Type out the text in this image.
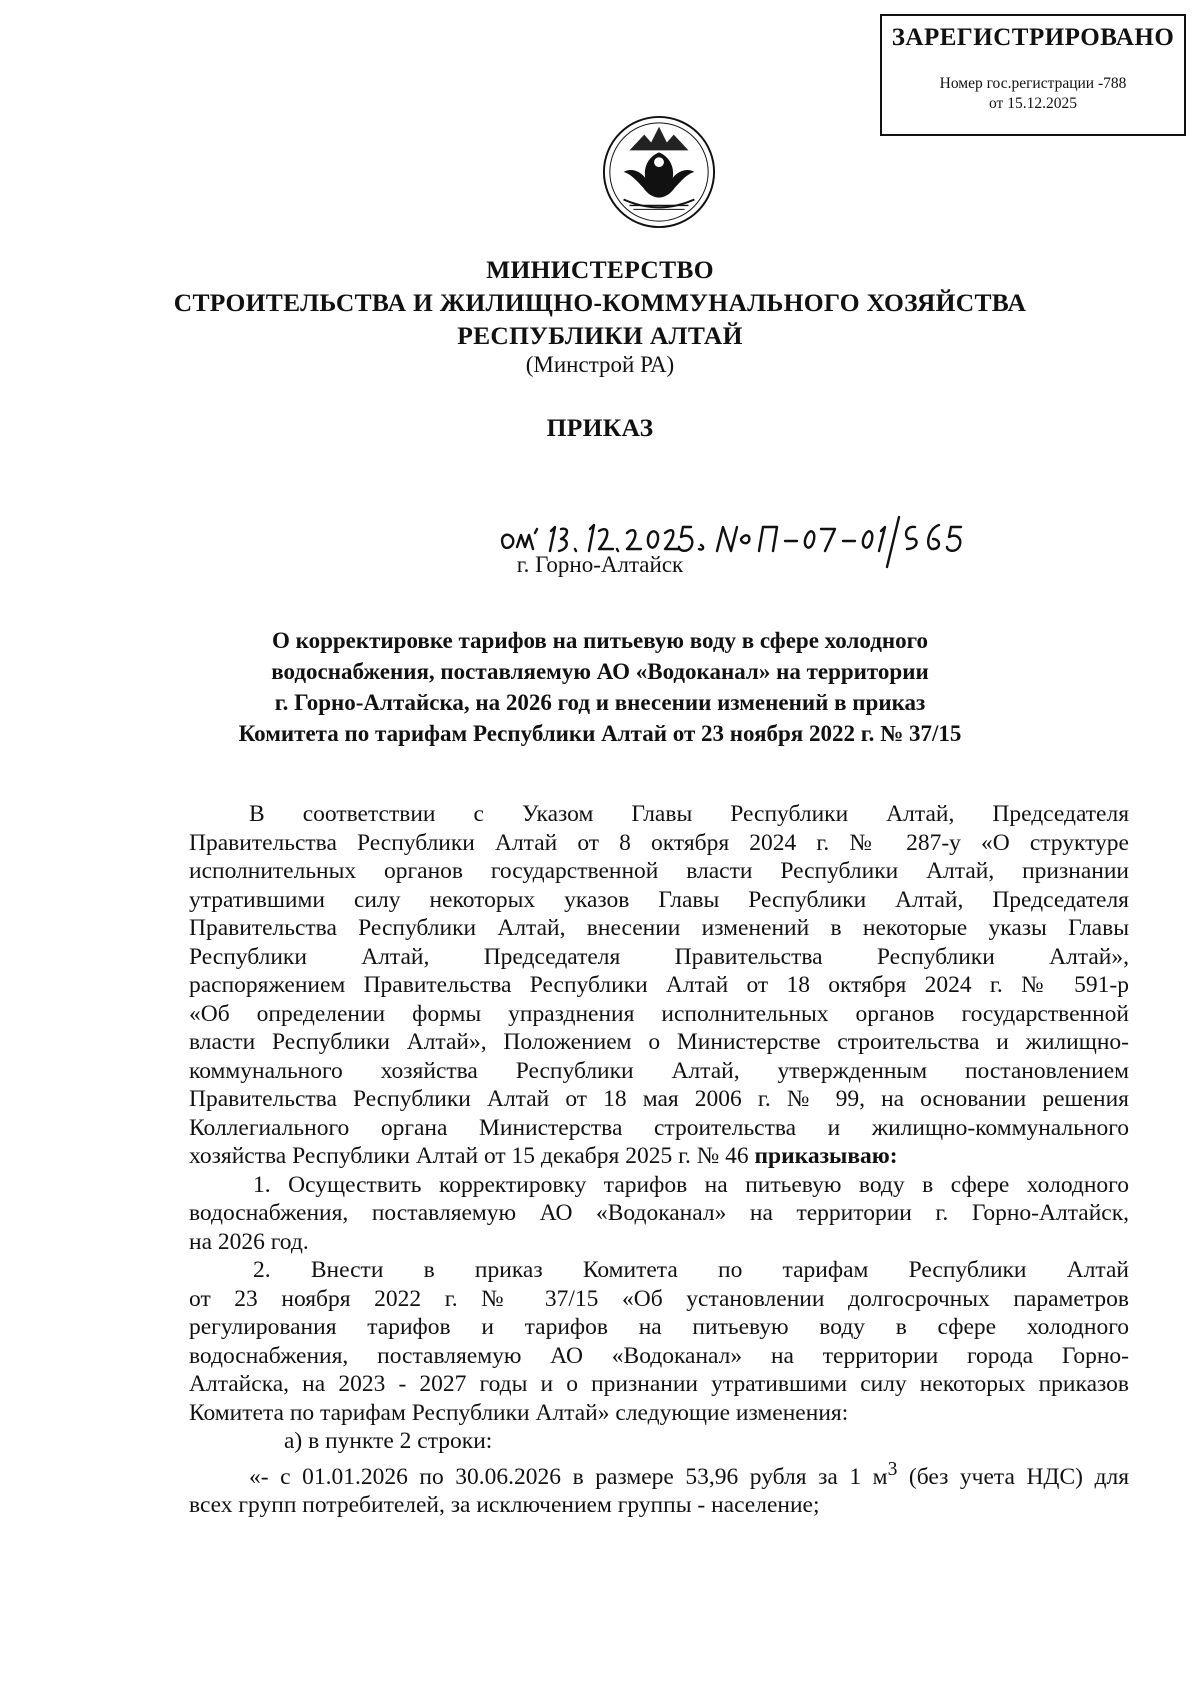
ЗАРЕГИСТРИРОВАНО
Номер гос.регистрации -788
от 15.12.2025
МИНИСТЕРСТВО
СТРОИТЕЛЬСТВА И ЖИЛИЩНО-КОММУНАЛЬНОГО ХОЗЯЙСТВА
РЕСПУБЛИКИ АЛТАЙ
(Минстрой РА)
ПРИКАЗ
г. Горно-Алтайск
О корректировке тарифов на питьевую воду в сфере холодного
водоснабжения, поставляемую АО «Водоканал» на территории
г. Горно-Алтайска, на 2026 год и внесении изменений в приказ
Комитета по тарифам Республики Алтай от 23 ноября 2022 г. № 37/15
В соответствии с Указом Главы Республики Алтай, Председателя
Правительства Республики Алтай от 8 октября 2024 г. № 287-у «О структуре
исполнительных органов государственной власти Республики Алтай, признании
утратившими силу некоторых указов Главы Республики Алтай, Председателя
Правительства Республики Алтай, внесении изменений в некоторые указы Главы
Республики Алтай, Председателя Правительства Республики Алтай»,
распоряжением Правительства Республики Алтай от 18 октября 2024 г. № 591-р
«Об определении формы упразднения исполнительных органов государственной
власти Республики Алтай», Положением о Министерстве строительства и жилищно-
коммунального хозяйства Республики Алтай, утвержденным постановлением
Правительства Республики Алтай от 18 мая 2006 г. № 99, на основании решения
Коллегиального органа Министерства строительства и жилищно-коммунального
хозяйства Республики Алтай от 15 декабря 2025 г. № 46 приказываю:
1. Осуществить корректировку тарифов на питьевую воду в сфере холодного
водоснабжения, поставляемую АО «Водоканал» на территории г. Горно-Алтайск,
на 2026 год.
2. Внести в приказ Комитета по тарифам Республики Алтай
от 23 ноября 2022 г. № 37/15 «Об установлении долгосрочных параметров
регулирования тарифов и тарифов на питьевую воду в сфере холодного
водоснабжения, поставляемую АО «Водоканал» на территории города Горно-
Алтайска, на 2023 - 2027 годы и о признании утратившими силу некоторых приказов
Комитета по тарифам Республики Алтай» следующие изменения:
а) в пункте 2 строки:
«- с 01.01.2026 по 30.06.2026 в размере 53,96 рубля за 1 $м^3$ (без учета НДС) для
всех групп потребителей, за исключением группы - население;
